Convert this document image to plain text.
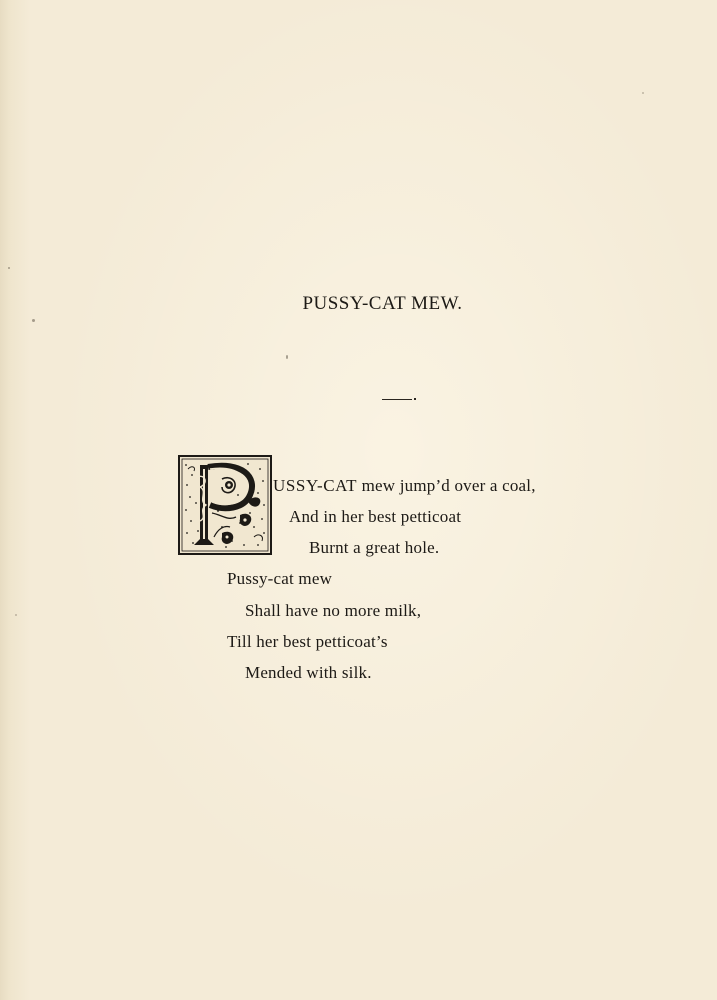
PUSSY-CAT MEW.
USSY-CAT mew jump’d over a coal,
And in her best petticoat
Burnt a great hole.
Pussy-cat mew
Shall have no more milk,
Till her best petticoat’s
Mended with silk.
